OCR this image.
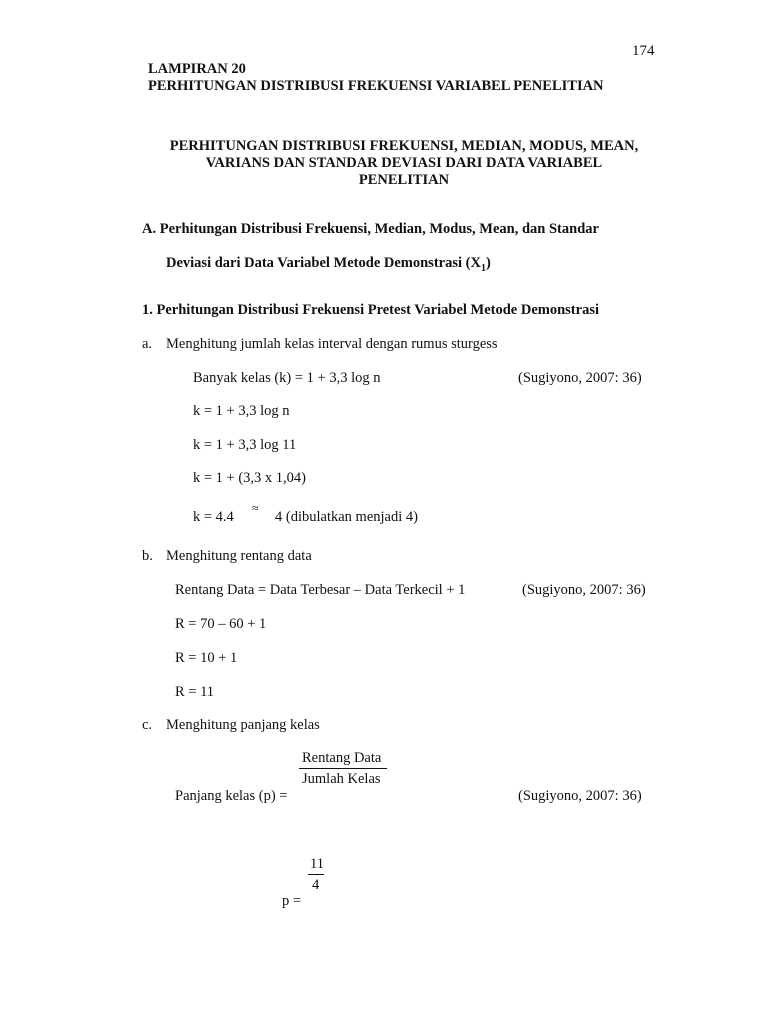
174
LAMPIRAN 20
PERHITUNGAN DISTRIBUSI FREKUENSI VARIABEL PENELITIAN
PERHITUNGAN DISTRIBUSI FREKUENSI, MEDIAN, MODUS, MEAN,
VARIANS DAN STANDAR DEVIASI DARI DATA VARIABEL
PENELITIAN
A. Perhitungan Distribusi Frekuensi, Median, Modus, Mean, dan Standar
Deviasi dari Data Variabel Metode Demonstrasi $(X_1)$
1. Perhitungan Distribusi Frekuensi Pretest Variabel Metode Demonstrasi
a. Menghitung jumlah kelas interval dengan rumus sturgess
Banyak kelas (k) = 1 + 3,3 log n	(Sugiyono, 2007: 36)
k = 1 + 3,3 log n
k = 1 + 3,3 log 11
k = 1 + (3,3 x 1,04)
k = 4.4
≈
4 (dibulatkan menjadi 4)
b. Menghitung rentang data
Rentang Data = Data Terbesar – Data Terkecil + 1	(Sugiyono, 2007: 36)
R = 70 – 60 + 1
R = 10 + 1
R = 11
c. Menghitung panjang kelas
Rentang Data
Jumlah Kelas
Panjang kelas (p) =	(Sugiyono, 2007: 36)
11
4
p =
